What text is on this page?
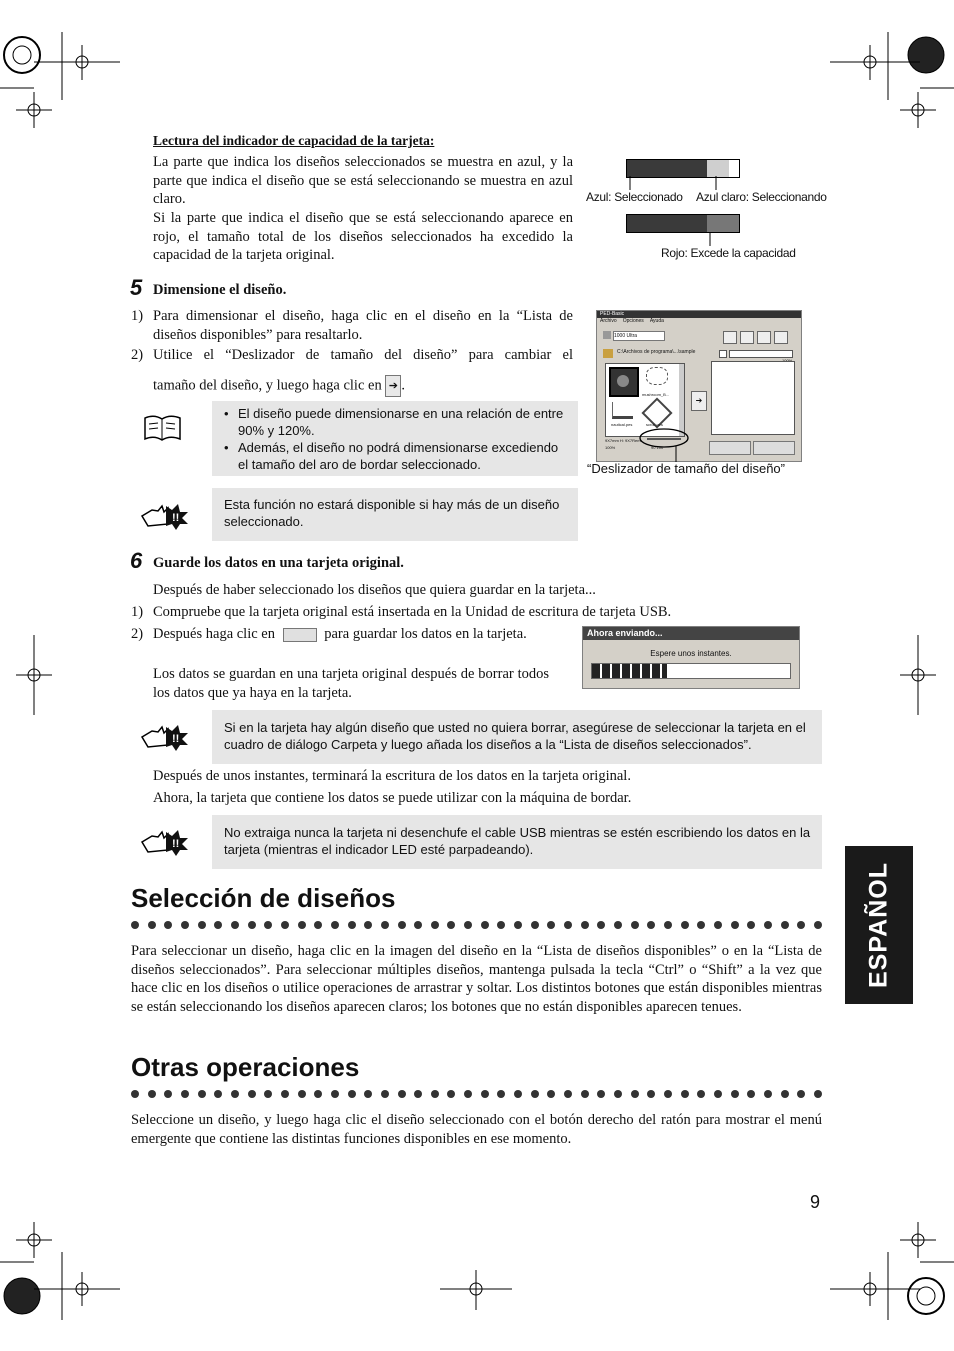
Lectura del indicador de capacidad de la tarjeta:
La parte que indica los diseños seleccionados se muestra en azul, y la parte que indica el diseño que se está seleccionando se muestra en azul claro.
Si la parte que indica el diseño que se está seleccionando aparece en rojo, el tamaño total de los diseños seleccionados ha excedido la capacidad de la tarjeta original.
Azul: Seleccionado Azul claro: Seleccionando
Rojo: Excede la capacidad
5 Dimensione el diseño.
1) Para dimensionar el diseño, haga clic en el diseño en la “Lista de diseños disponibles” para resaltarlo.
2) Utilice el “Deslizador de tamaño del diseño” para cambiar el
tamaño del diseño, y luego haga clic en ➔ .
• El diseño puede dimensionarse en una relación de entre 90% y 120%.
• Además, el diseño no podrá dimensionarse excediendo el tamaño del aro de bordar seleccionado.
!!
Esta función no estará disponible si hay más de un diseño seleccionado.
PED-Basic
Archivo Opciones Ayuda
1000 Ultra
C:\Archivos de programa\...\sample
mushroom_B...
nautical.pes	scroll.pes
➔
9X7mm H: 9X7Rem
100%	90 100
“Deslizador de tamaño del diseño”
6 Guarde los datos en una tarjeta original.
Después de haber seleccionado los diseños que quiera guardar en la tarjeta...
1) Compruebe que la tarjeta original está insertada en la Unidad de escritura de tarjeta USB.
2) Después haga clic en	para guardar los datos en la tarjeta.
Los datos se guardan en una tarjeta original después de borrar todos los datos que ya haya en la tarjeta.
Ahora enviando...
Espere unos instantes.
!!
Si en la tarjeta hay algún diseño que usted no quiera borrar, asegúrese de seleccionar la tarjeta en el cuadro de diálogo Carpeta y luego añada los diseños a la “Lista de diseños seleccionados”.
Después de unos instantes, terminará la escritura de los datos en la tarjeta original.
Ahora, la tarjeta que contiene los datos se puede utilizar con la máquina de bordar.
!!
No extraiga nunca la tarjeta ni desenchufe el cable USB mientras se estén escribiendo los datos en la tarjeta (mientras el indicador LED esté parpadeando).
Selección de diseños
Para seleccionar un diseño, haga clic en la imagen del diseño en la “Lista de diseños disponibles” o en la “Lista de diseños seleccionados”. Para seleccionar múltiples diseños, mantenga pulsada la tecla “Ctrl” o “Shift” a la vez que hace clic en los diseños o utilice operaciones de arrastrar y soltar. Los distintos botones que están disponibles mientras se están seleccionando los diseños aparecen claros; los botones que no están disponibles aparecen tenues.
Otras operaciones
Seleccione un diseño, y luego haga clic el diseño seleccionado con el botón derecho del ratón para mostrar el menú emergente que contiene las distintas funciones disponibles en ese momento.
ESPAÑOL
9
